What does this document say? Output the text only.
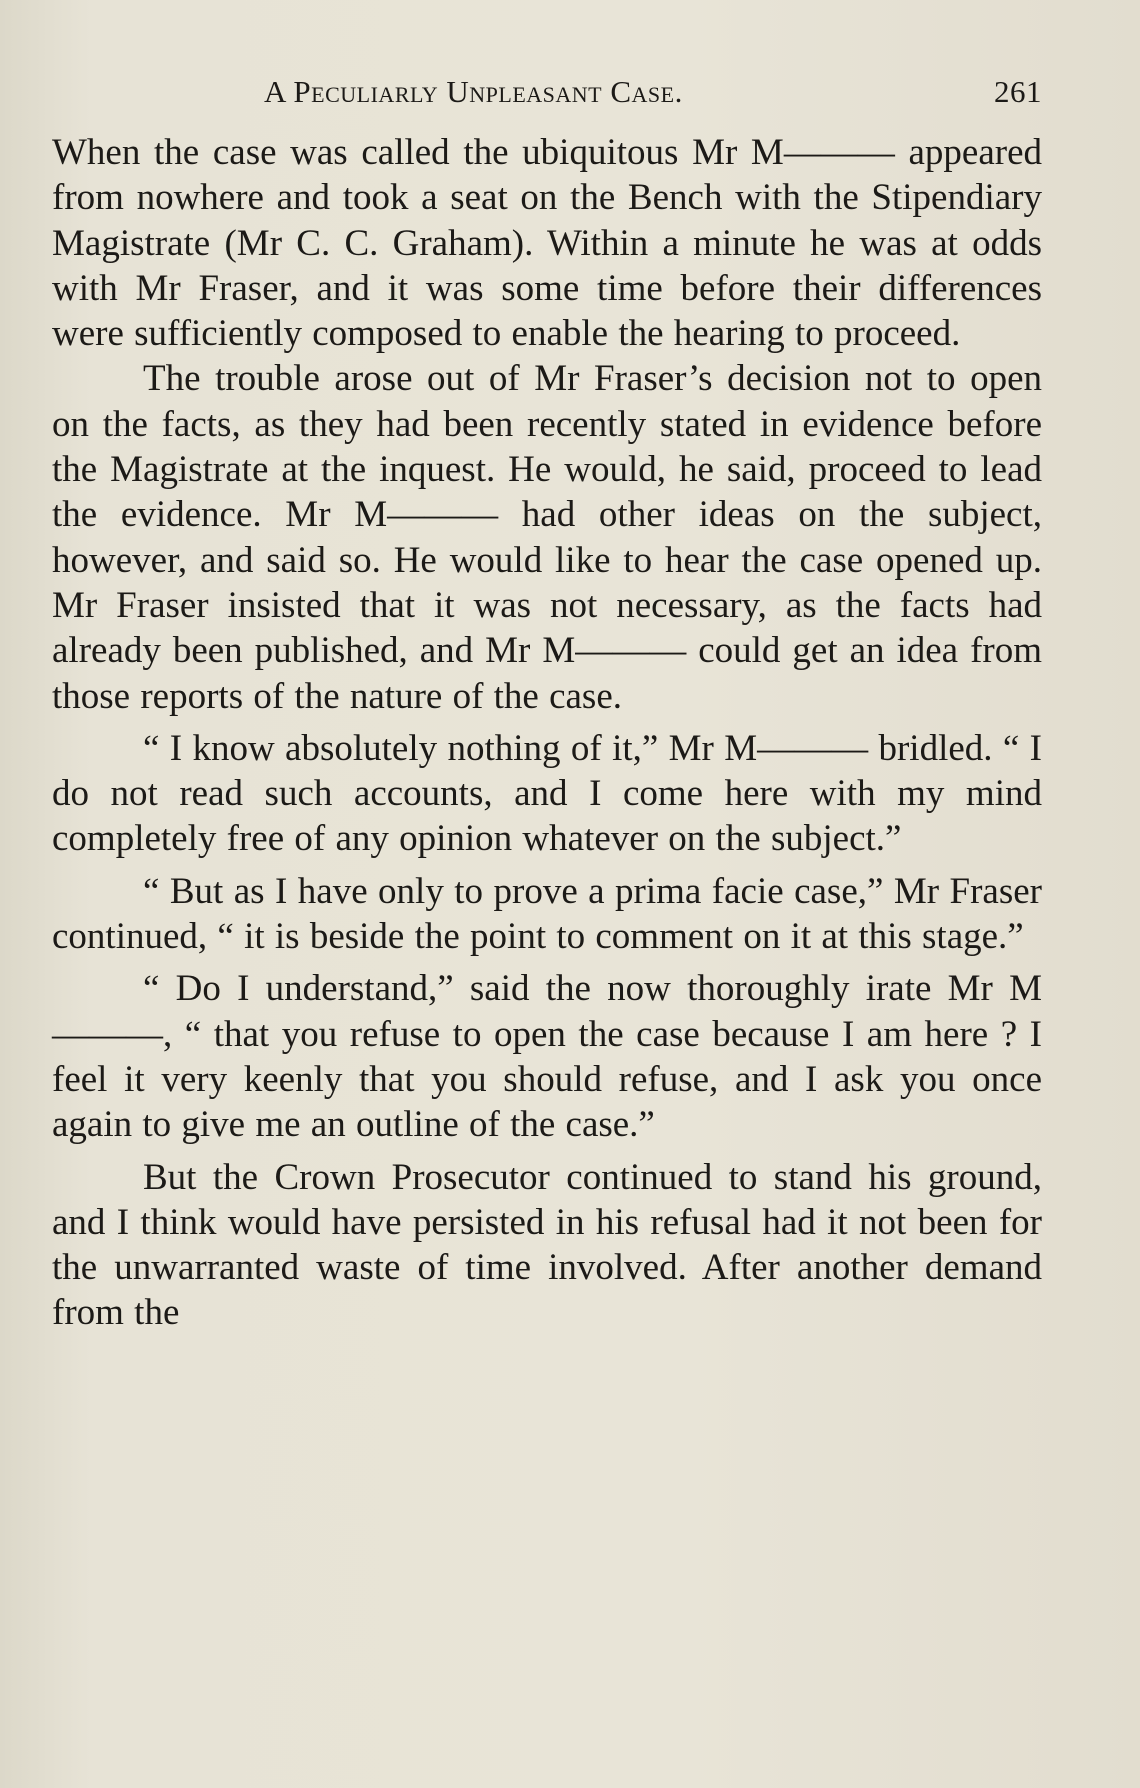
A Peculiarly Unpleasant Case.	261

When the case was called the ubiquitous Mr M——— appeared from nowhere and took a seat on the Bench with the Stipendiary Magistrate (Mr C. C. Graham). Within a minute he was at odds with Mr Fraser, and it was some time before their differences were sufficiently composed to enable the hearing to proceed.

The trouble arose out of Mr Fraser’s decision not to open on the facts, as they had been recently stated in evidence before the Magistrate at the inquest. He would, he said, proceed to lead the evidence. Mr M——— had other ideas on the subject, however, and said so. He would like to hear the case opened up. Mr Fraser insisted that it was not necessary, as the facts had already been published, and Mr M——— could get an idea from those reports of the nature of the case.

“ I know absolutely nothing of it,” Mr M——— bridled. “ I do not read such accounts, and I come here with my mind completely free of any opinion whatever on the subject.”

“ But as I have only to prove a prima facie case,” Mr Fraser continued, “ it is beside the point to comment on it at this stage.”

“ Do I understand,” said the now thoroughly irate Mr M———, “ that you refuse to open the case because I am here ? I feel it very keenly that you should refuse, and I ask you once again to give me an outline of the case.”

But the Crown Prosecutor continued to stand his ground, and I think would have persisted in his refusal had it not been for the unwarranted waste of time involved. After another demand from the
